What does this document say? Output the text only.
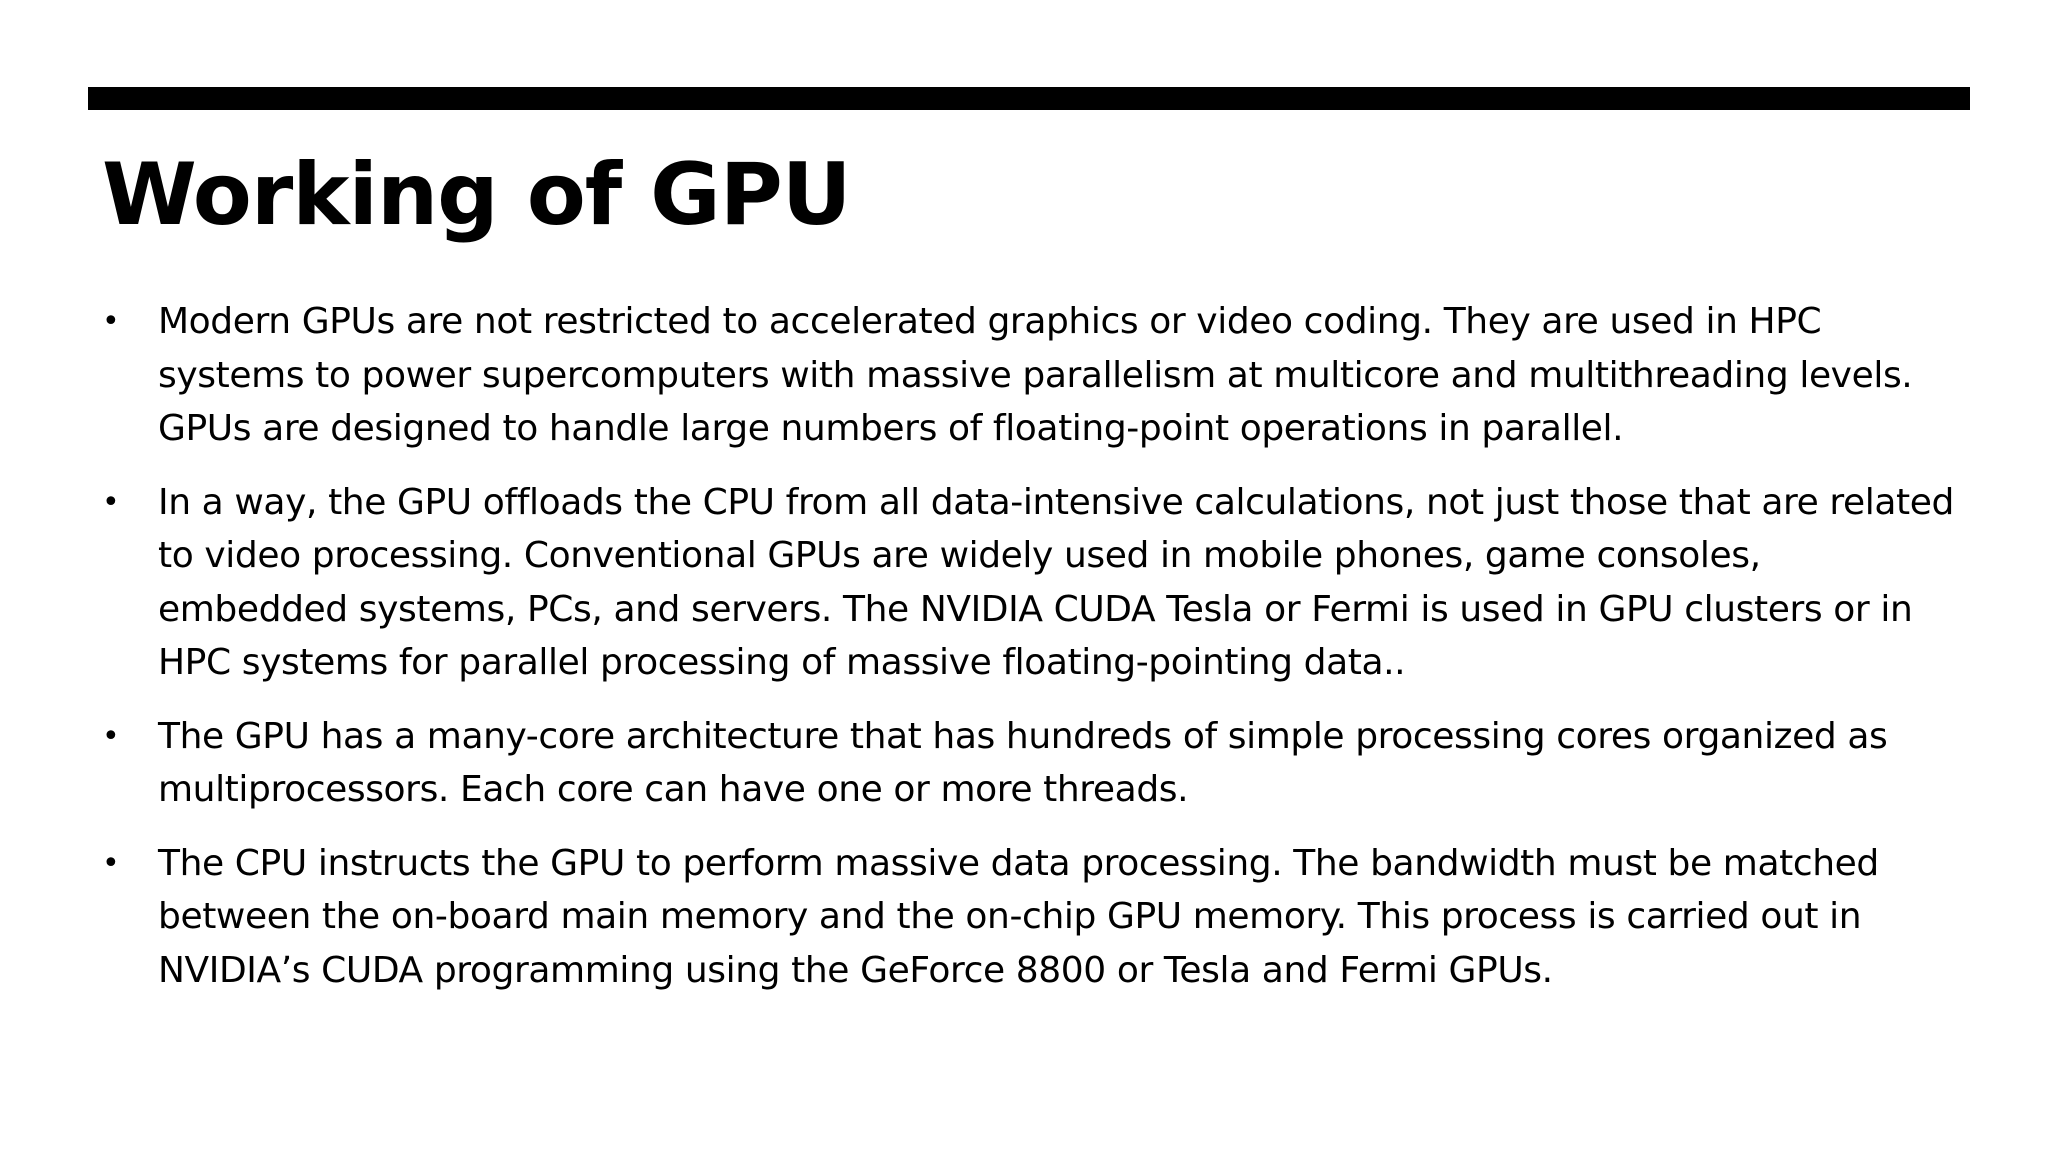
Working of GPU
• Modern GPUs are not restricted to accelerated graphics or video coding. They are used in HPC systems to power supercomputers with massive parallelism at multicore and multithreading levels. GPUs are designed to handle large numbers of floating-point operations in parallel.
• In a way, the GPU offloads the CPU from all data-intensive calculations, not just those that are related to video processing. Conventional GPUs are widely used in mobile phones, game consoles, embedded systems, PCs, and servers. The NVIDIA CUDA Tesla or Fermi is used in GPU clusters or in HPC systems for parallel processing of massive floating-pointing data..
• The GPU has a many-core architecture that has hundreds of simple processing cores organized as multiprocessors. Each core can have one or more threads.
• The CPU instructs the GPU to perform massive data processing. The bandwidth must be matched between the on-board main memory and the on-chip GPU memory. This process is carried out in NVIDIA’s CUDA programming using the GeForce 8800 or Tesla and Fermi GPUs.
